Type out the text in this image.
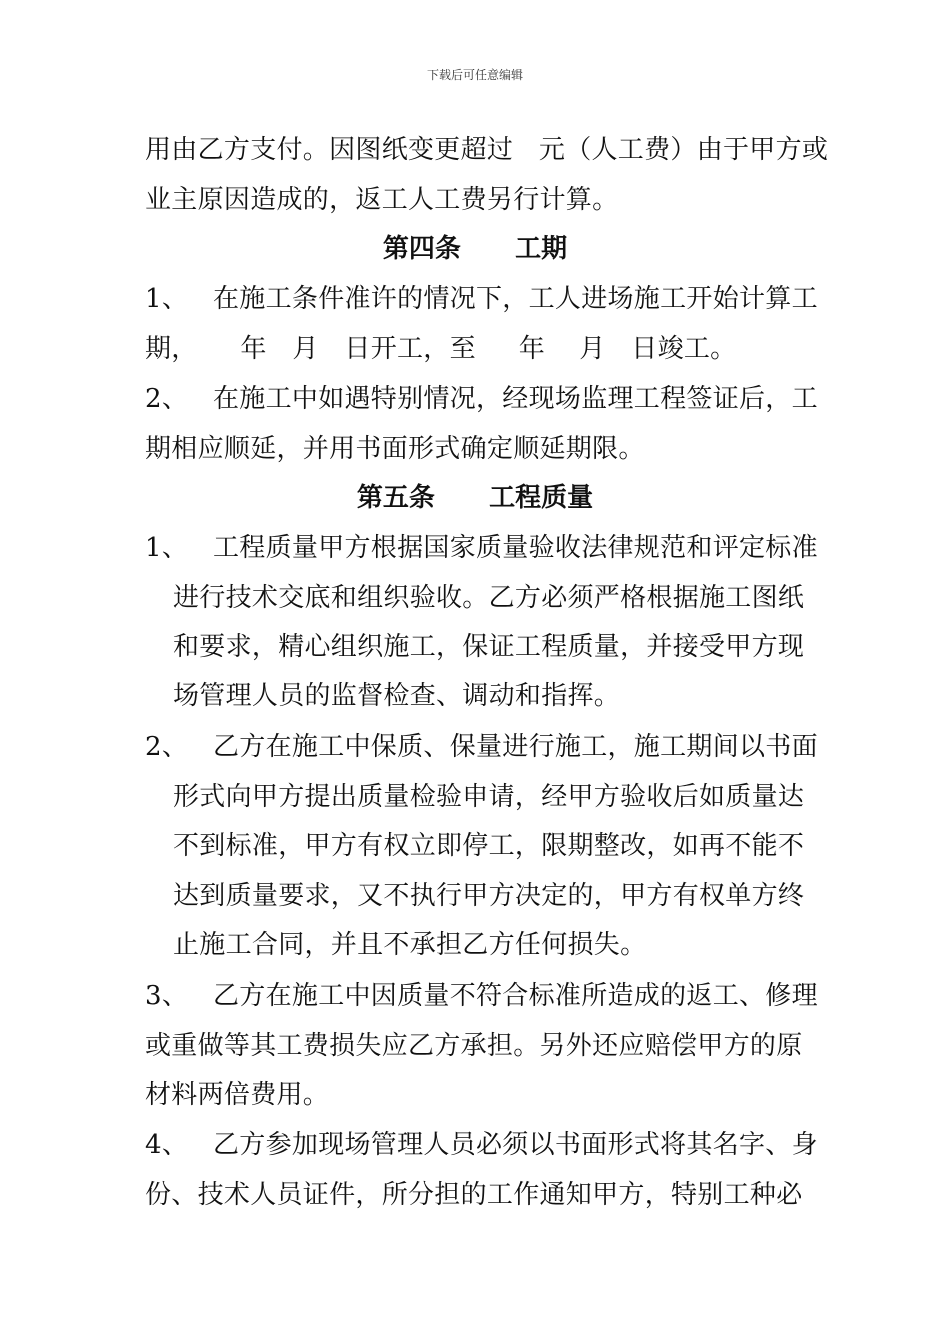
下载后可任意编辑
用由乙方支付。因图纸变更超过   元（人工费）由于甲方或
业主原因造成的，返工人工费另行计算。
第四条      工期
1、 在施工条件准许的情况下，工人进场施工开始计算工
期，     年   月   日开工，至     年    月   日竣工。
2、 在施工中如遇特别情况，经现场监理工程签证后，工
期相应顺延，并用书面形式确定顺延期限。
第五条      工程质量
1、 工程质量甲方根据国家质量验收法律规范和评定标准
进行技术交底和组织验收。乙方必须严格根据施工图纸
和要求，精心组织施工，保证工程质量，并接受甲方现
场管理人员的监督检查、调动和指挥。
2、 乙方在施工中保质、保量进行施工，施工期间以书面
形式向甲方提出质量检验申请，经甲方验收后如质量达
不到标准，甲方有权立即停工，限期整改，如再不能不
达到质量要求，又不执行甲方决定的，甲方有权单方终
止施工合同，并且不承担乙方任何损失。
3、 乙方在施工中因质量不符合标准所造成的返工、修理
或重做等其工费损失应乙方承担。另外还应赔偿甲方的原
材料两倍费用。
4、 乙方参加现场管理人员必须以书面形式将其名字、身
份、技术人员证件，所分担的工作通知甲方，特别工种必
